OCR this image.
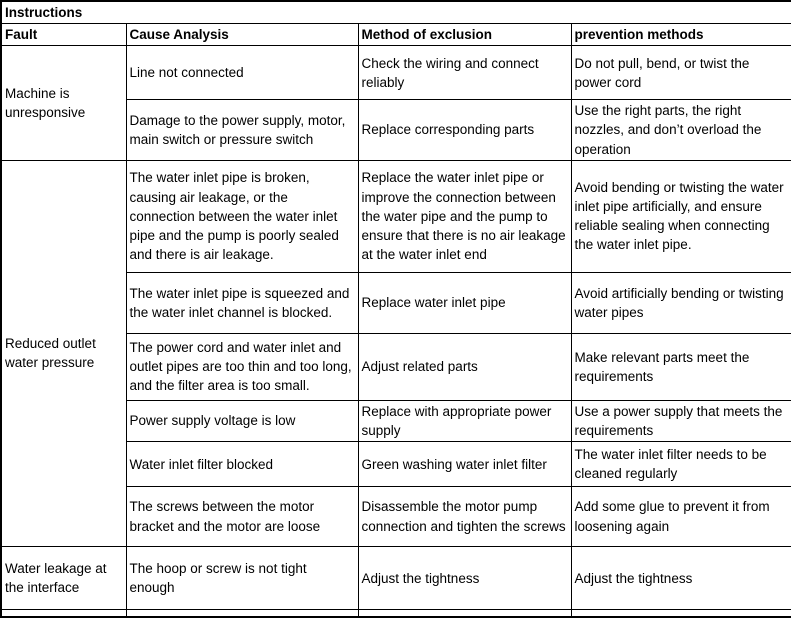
Instructions			
Fault	Cause Analysis	Method of exclusion	prevention methods
Machine is unresponsive	Line not connected	Check the wiring and connect reliably	Do not pull, bend, or twist the power cord
	Damage to the power supply, motor, main switch or pressure switch	Replace corresponding parts	Use the right parts, the right nozzles, and don’t overload the operation
Reduced outlet water pressure	The water inlet pipe is broken, causing air leakage, or the connection between the water inlet pipe and the pump is poorly sealed and there is air leakage.	Replace the water inlet pipe or improve the connection between the water pipe and the pump to ensure that there is no air leakage at the water inlet end	Avoid bending or twisting the water inlet pipe artificially, and ensure reliable sealing when connecting the water inlet pipe.
	The water inlet pipe is squeezed and the water inlet channel is blocked.	Replace water inlet pipe	Avoid artificially bending or twisting water pipes
	The power cord and water inlet and outlet pipes are too thin and too long, and the filter area is too small.	Adjust related parts	Make relevant parts meet the requirements
	Power supply voltage is low	Replace with appropriate power supply	Use a power supply that meets the requirements
	Water inlet filter blocked	Green washing water inlet filter	The water inlet filter needs to be cleaned regularly
	The screws between the motor bracket and the motor are loose	Disassemble the motor pump connection and tighten the screws	Add some glue to prevent it from loosening again
Water leakage at the interface	The hoop or screw is not tight enough	Adjust the tightness	Adjust the tightness
